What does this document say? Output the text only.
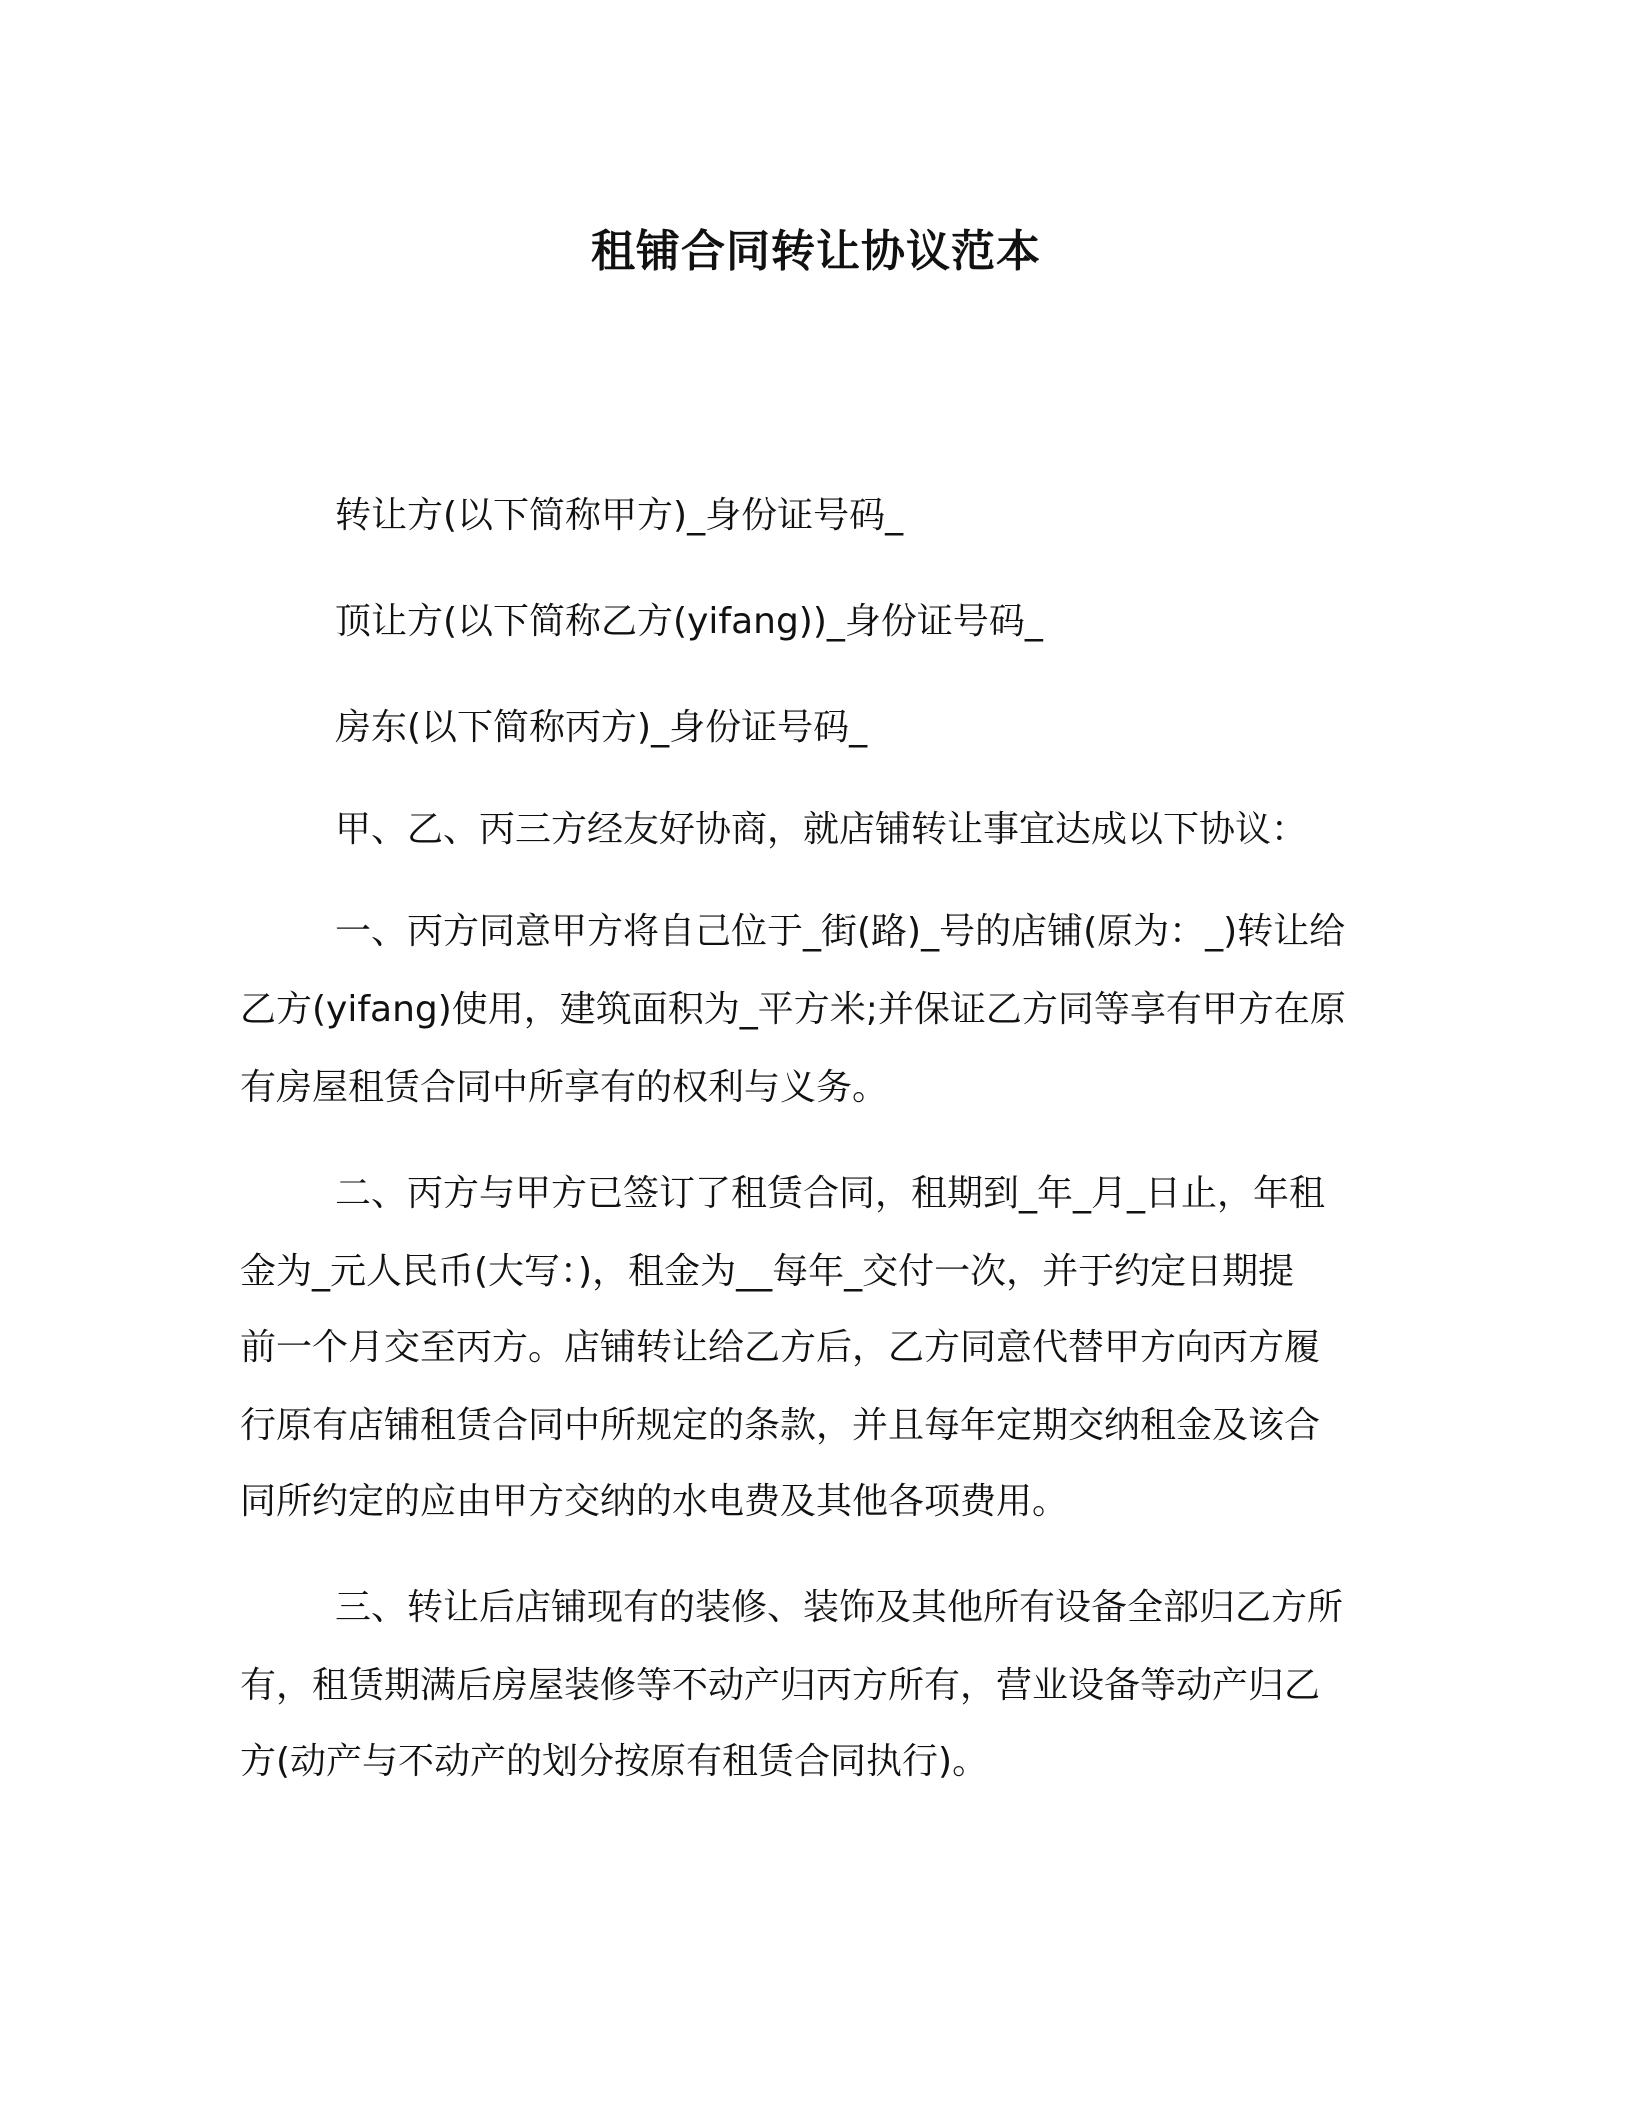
租铺合同转让协议范本

转让方(以下简称甲方)_身份证号码_

顶让方(以下简称乙方(yifang))_身份证号码_

房东(以下简称丙方)_身份证号码_

甲、乙、丙三方经友好协商，就店铺转让事宜达成以下协议：

一、丙方同意甲方将自己位于_街(路)_号的店铺(原为：_)转让给

乙方(yifang)使用，建筑面积为_平方米;并保证乙方同等享有甲方在原

有房屋租赁合同中所享有的权利与义务。

二、丙方与甲方已签订了租赁合同，租期到_年_月_日止，年租

金为_元人民币(大写：)，租金为__每年_交付一次，并于约定日期提

前一个月交至丙方。店铺转让给乙方后，乙方同意代替甲方向丙方履

行原有店铺租赁合同中所规定的条款，并且每年定期交纳租金及该合

同所约定的应由甲方交纳的水电费及其他各项费用。

三、转让后店铺现有的装修、装饰及其他所有设备全部归乙方所

有，租赁期满后房屋装修等不动产归丙方所有，营业设备等动产归乙

方(动产与不动产的划分按原有租赁合同执行)。
